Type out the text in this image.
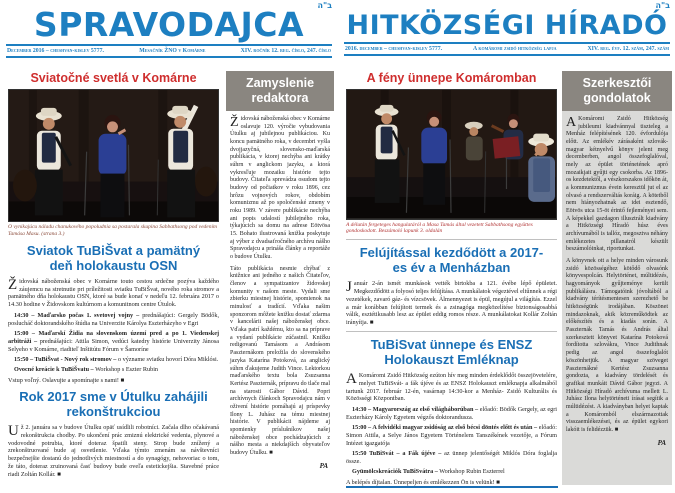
ב"ה
SPRAVODAJCA
December 2016 – cheshvan-kislev 5777.	Mesačník ŽNO v Komárne	XIV. ročník 12. reg. číslo, 247. číslo
Sviatočné svetlá v Komárne
O vynikajúcu náladu chanukového popoludnia sa postarala skupina Sabbathsong pod vedením Tamása Masu. (strana 3.)
Sviatok TuBiŠvat a pamätný deň holokaustu OSN

Židovská náboženská obec v Komárne touto cestou srdečne pozýva každého záujemcu na stretnutie pri príležitosti sviatku TuBiŠvat, nového roka stromov a pamätného dňa holokaustu OSN, ktoré sa bude konať v nedeľu 12. februára 2017 o 14.30 hodine v Židovskom kultúrnom a komunitnom centre Útulok.

14:30 – Maďarsko počas 1. svetovej vojny – prednášajúci: Gergely Bödők, poslucháč doktorandského štúdia na Univerzite Károlya Eszterházyho v Egri

15:00 – Maďarskí Židia na slovenskom území pred a po 1. Viedenskej arbitráži – prednášajúci: Attila Simon, vedúci katedry histórie Univerzity Jánosa Selyeho v Komárne, riaditeľ Inštitútu Fórum v Šamoríne

15:50 – TuBiŠvat - Nový rok stromov – o význame sviatku hovorí Dóra Miklósi.

Ovocné kreácie k TuBiŠvatu – Workshop s Eszter Rubin

Vstup voľný. Oslavujte a spomínajte s nami! ■

Rok 2017 sme v Útulku zahájili rekonštrukciou

Už 2. januára sa v budove Útulku opäť usídlili robotníci. Začala dlho očakávaná rekonštrukcia chodby. Po ukončení prác zmiznú elektrické vedenia, plynové a vodovodné potrubia, ktoré doteraz špatili steny. Strop bude znížený a zrekonštruované bude aj osvetlenie. Vďaka týmto zmenám sa návštevníci bezpečnejšie dostanú do jednotlivých miestností a do synagógy, nehovoriac o tom, že táto, doteraz zruinovaná časť budovy bude oveľa estetickejšia. Stavebné práce riadi Zoltán Kollár. ■

Zamyslenie redaktora

Židovská náboženská obec v Komárne oslavuje 120. výročie vybudovania Útulku aj jubilejnou publikáciou. Ku koncu pamätného roka, v decembri vyšla dvojjazyčná, slovensko-maďarská publikácia, v ktorej nechýba ani krátky súhrn v anglickom jazyku, a ktorá vykresľuje mozaiku histórie tejto budovy. Čitateľa sprevádza osudom tejto budovy od počiatkov v roku 1896, cez hrôzu vojnových rokov, obdobím komunizmu až po spoločenské zmeny v roku 1989. V závere publikácie nechýba ani popis udalostí jubilejného roka, týkajúcich sa domu na adrese Eötvösa 15. Bohato ilustrovaná knižka poskytuje aj výber z dvadsaťročného archívu nášho Spravodajcu a prináša články a reportáže o budove Útulku.

Táto publikácia nesmie chýbať z knižnice ani jedného z našich Čitateľov, členov a sympatizantov židovskej komunity v našom meste. Vydali sme zbierku miestnej histórie, spomienok na minulosť a tradícií. Vďaka našim sponzorom môžete knižku dostať zdarma v kancelárii našej náboženskej obce. Vďaka patrí každému, kto sa na príprave a vydaní publikácie zúčastnil. Knižku redigovanú Tamásom a Andrásom Paszternákom preložila do slovenského jazyka Katarína Potoková, za anglický súhrn ďakujeme Judith Vince. Lektorkou maďarského textu bola Zsuzsanna Kertész Paszternák, prípravu do tlače mal na starosti Gábor Dávid. Popri archívnych článkoch Spravodajcu nám v oživení histórie pomáhajú aj príspevky Ilony L. Juhász na tému miestnej histórie. V publikácii nájdeme aj spomienky príslušníkov našej náboženskej obce pochádzajúcich z nášho mesta a niekdajších obyvateľov budovy Útulku. ■

PA
ב"ה
HITKÖZSÉGI HÍRADÓ
2016. december – cheshvan-kislev 5777.	A komáromi zsidó hitközség lapja	XIV. reg. évf. 12. szám, 247. szám
A fény ünnepe Komáromban
A délután fergeteges hangulatáról a Masa Tamás által vezetett Sabbathsong együttes gondoskodott. Beszámoló lapunk 3. oldalán
Felújítással kezdődött a 2017-es év a Menházban

Január 2-án ismét munkások vették birtokba a 121. évébe lépő épületet. Megkezdődött a folyosó teljes felújítása. A munkálatok végeztével eltűnnek a régi vezetékek, zavaró gáz- és vízcsövek. Álmennyezet is épül, megújul a világítás. Ezzel a már korábban felújított termek és a zsinagóga megközelítése biztonságosabbá válik, esztétikusabb lesz az épület eddig romos része. A munkálatokat Kollár Zoltán irányítja. ■

TuBiSvat ünnepe és ENSZ Holokauszt Emléknap

AKomáromi Zsidó Hitközség ezúton hív meg minden érdeklődőt összejövetelére, melyet TuBiSvát- a fák újéve és az ENSZ Holokauszt emléknapja alkalmából tartunk 2017. február 12-én, vasárnap 14:30-kor a Menház- Zsidó Kulturális és Közösségi Központban.

14:30 – Magyarország az első világháborúban – előadó: Bödők Gergely, az egri Eszterházy Károly Egyetem végzős doktorandusza.

15:00 – A felvidéki magyar zsidóság az első bécsi döntés előtt és után – előadó: Simon Attila, a Selye János Egyetem Történelem Tanszékének vezetője, a Fórum Intézet igazgatója

15:50 TuBiSvát – a Fák újéve – az ünnep jelentőségét Miklós Dóra foglalja össze.

Gyümölcskreációk TuBiSvátra – Workshop Rubin Eszterrel

A belépés díjtalan. Ünnepeljen és emlékezzen Ön is velünk! ■

Szerkesztői gondolatok

AKomáromi Zsidó Hitközség jubileumi kiadvánnyal tiszteleg a Menház felépítésének 120. évfordulója előtt. Az emlékév zárásaként szlovák-magyar kétnyelvű könyv jelent meg decemberben, angol összefoglalóval, mely az épület történetének apró mozaikjait gyűjti egy csokorba. Az 1896-os kezdetektől, a vészkorszakos időkön át, a kommunizmus évein keresztül jut el az olvasó a rendszerváltás koráig. A kötetből nem hiányozhatnak az idei esztendő, Eötvös utca 15-öt érintő fejleményei sem. A képekkel gazdagon illusztrált kiadvány a Hitközségi Híradó húsz éves archívumából is tallóz, megosztva néhány emlékezetes pillanatról készült beszámolóinkat, riportunkat.

A könyvnek ott a helye minden városunk zsidó közösségéhez kötődő olvasónk könyvespolcán. Helytörténet, múltidézés, hagyományok gyűjteménye került publikálásra. Támogatóink jóvoltából a kiadvány térítésmentesen szerezhető be hitközségünk irodájában. Köszönet mindazoknak, akik közreműködtek az előkészítés és a kiadás során. A Paszternák Tamás és András által szerkesztett könyvet Katarína Potoková fordította szlovákra, Vince Judithnak pedig az angol összefoglalót köszönhetjük. A magyar szöveget Paszternákné Kertész Zsuzsanna gondozta, a kiadvány tördelését és grafikai munkáit Dávid Gábor jegyzi. A Hitközségi Híradó archívuma mellett L. Juhász Ilona helytörténeti írásai segítik a múltidézést. A kiadványban helyet kaptak a Komáromból elszármazottak visszaemlékezései, és az épület egykori lakóit is felidézzük. ■

PA
